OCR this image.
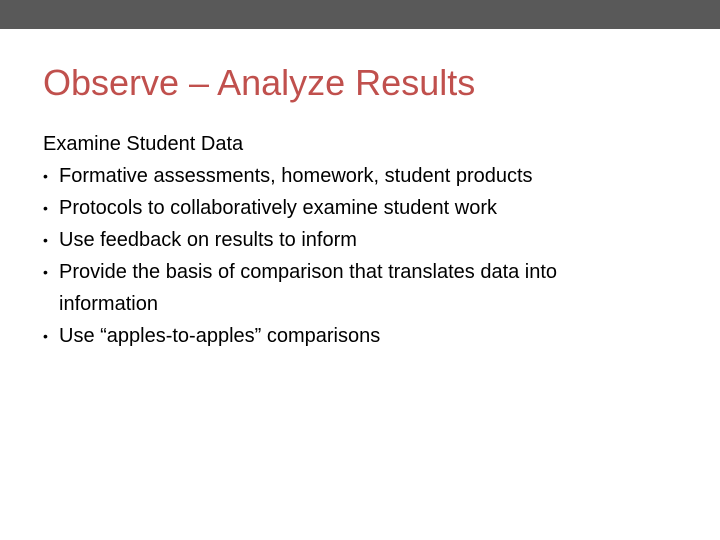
Observe – Analyze Results
Examine Student Data
• Formative assessments, homework, student products
• Protocols to collaboratively examine student work
• Use feedback on results to inform
• Provide the basis of comparison that translates data into
information
• Use “apples-to-apples” comparisons
